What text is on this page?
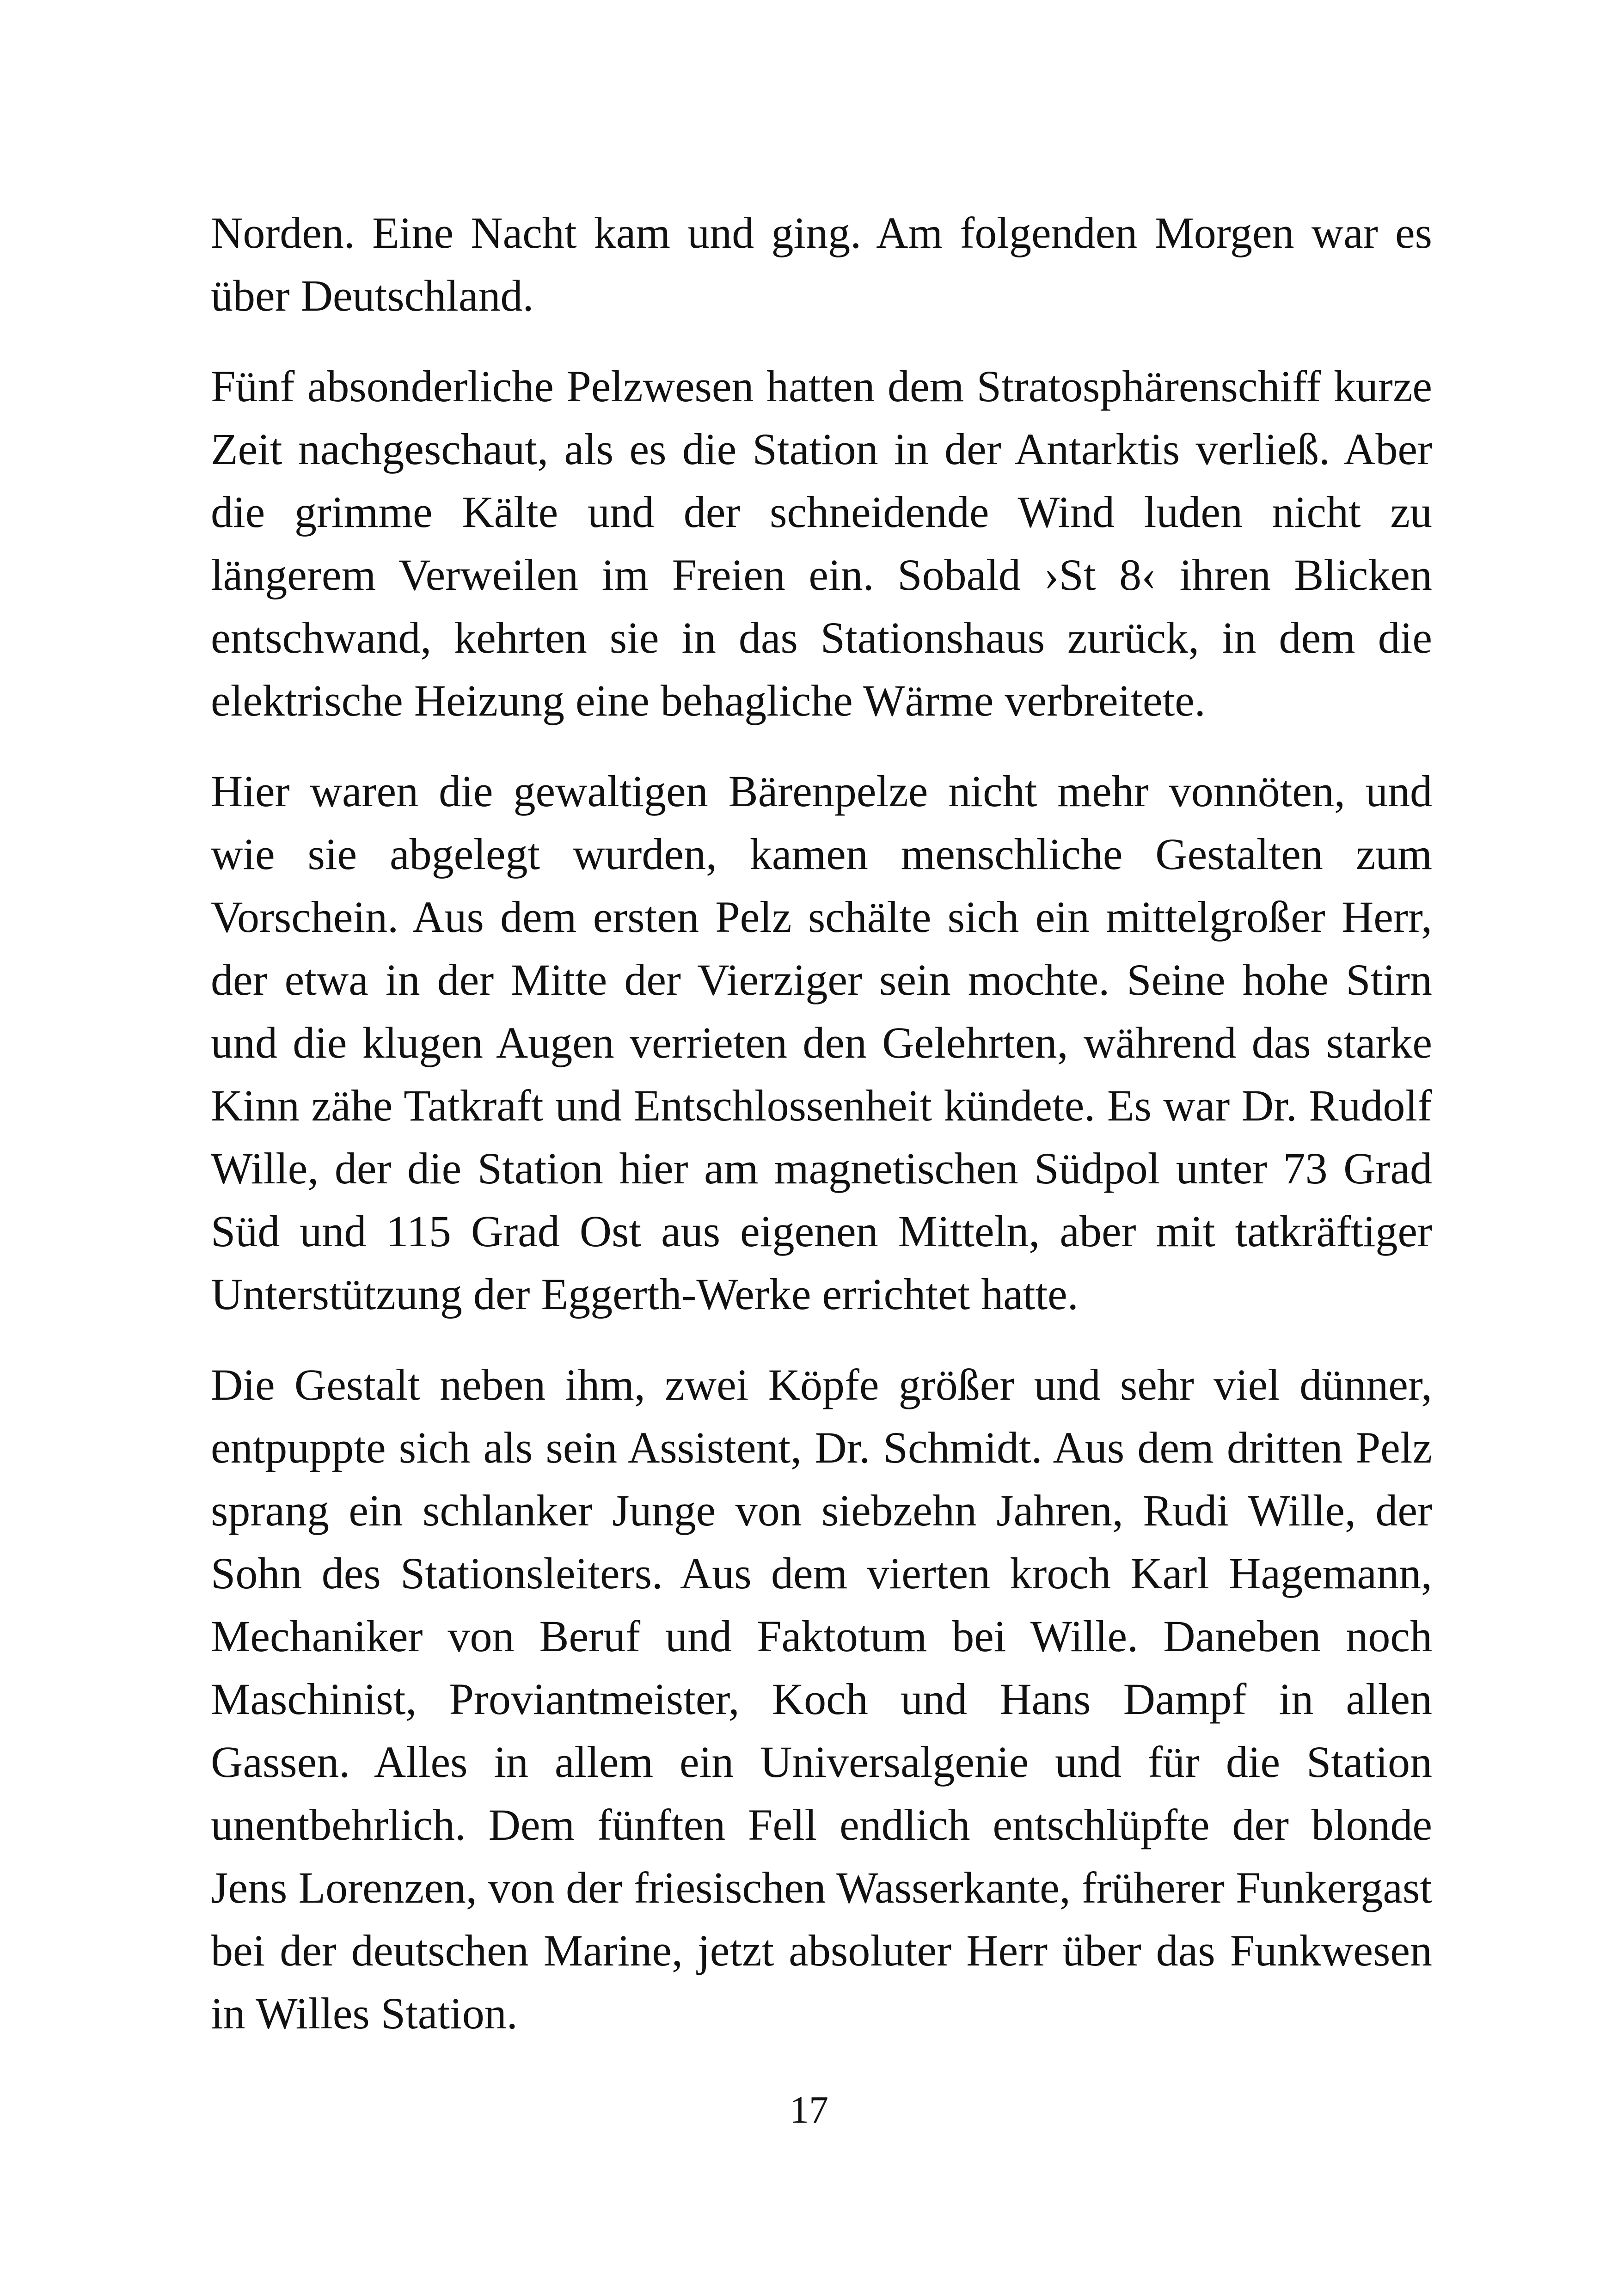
Norden. Eine Nacht kam und ging. Am folgenden Morgen war es über Deutschland.

Fünf absonderliche Pelzwesen hatten dem Stratosphärenschiff kurze Zeit nachgeschaut, als es die Station in der Antarktis verließ. Aber die grimme Kälte und der schneidende Wind luden nicht zu längerem Verweilen im Freien ein. Sobald ›St 8‹ ihren Blicken entschwand, kehrten sie in das Stationshaus zurück, in dem die elektrische Heizung eine behagliche Wärme verbreitete.

Hier waren die gewaltigen Bärenpelze nicht mehr vonnöten, und wie sie abgelegt wurden, kamen menschliche Gestalten zum Vorschein. Aus dem ersten Pelz schälte sich ein mittelgroßer Herr, der etwa in der Mitte der Vierziger sein mochte. Seine hohe Stirn und die klugen Augen verrieten den Gelehrten, während das starke Kinn zähe Tatkraft und Entschlossenheit kündete. Es war Dr. Rudolf Wille, der die Station hier am magnetischen Südpol unter 73 Grad Süd und 115 Grad Ost aus eigenen Mitteln, aber mit tatkräftiger Unterstützung der Eggerth-Werke errichtet hatte.

Die Gestalt neben ihm, zwei Köpfe größer und sehr viel dünner, entpuppte sich als sein Assistent, Dr. Schmidt. Aus dem dritten Pelz sprang ein schlanker Junge von siebzehn Jahren, Rudi Wille, der Sohn des Stationsleiters. Aus dem vierten kroch Karl Hagemann, Mechaniker von Beruf und Faktotum bei Wille. Daneben noch Maschinist, Proviantmeister, Koch und Hans Dampf in allen Gassen. Alles in allem ein Universalgenie und für die Station unentbehrlich. Dem fünften Fell endlich entschlüpfte der blonde Jens Lorenzen, von der friesischen Wasserkante, früherer Funkergast bei der deutschen Marine, jetzt absoluter Herr über das Funkwesen in Willes Station.

17
